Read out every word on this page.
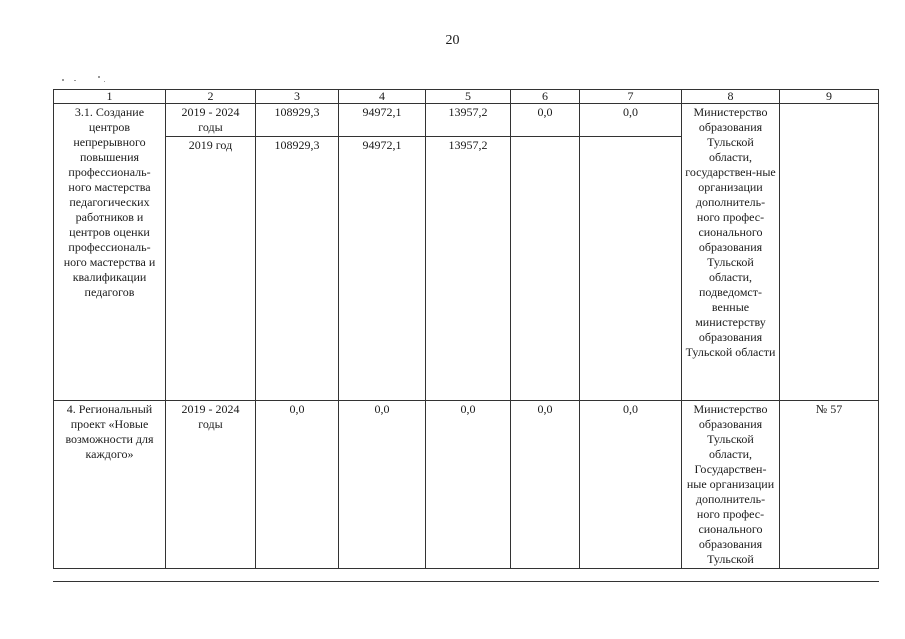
20
1	2	3	4	5	6	7	8	9
3.1. Создание центров непрерывного повышения профессиональ-ного мастерства педагогических работников и центров оценки профессиональ-ного мастерства и квалификации педагогов	2019 - 2024 годы	108929,3	94972,1	13957,2	0,0	0,0	Министерство образования Тульской области, государствен-ные организации дополнитель-ного профес-сионального образования Тульской области, подведомст-венные министерству образования Тульской области	
	2019 год	108929,3	94972,1	13957,2				
4. Региональный проект «Новые возможности для каждого»	2019 - 2024 годы	0,0	0,0	0,0	0,0	0,0	Министерство образования Тульской области, Государствен-ные организации дополнитель-ного профес-сионального образования Тульской	№ 57
